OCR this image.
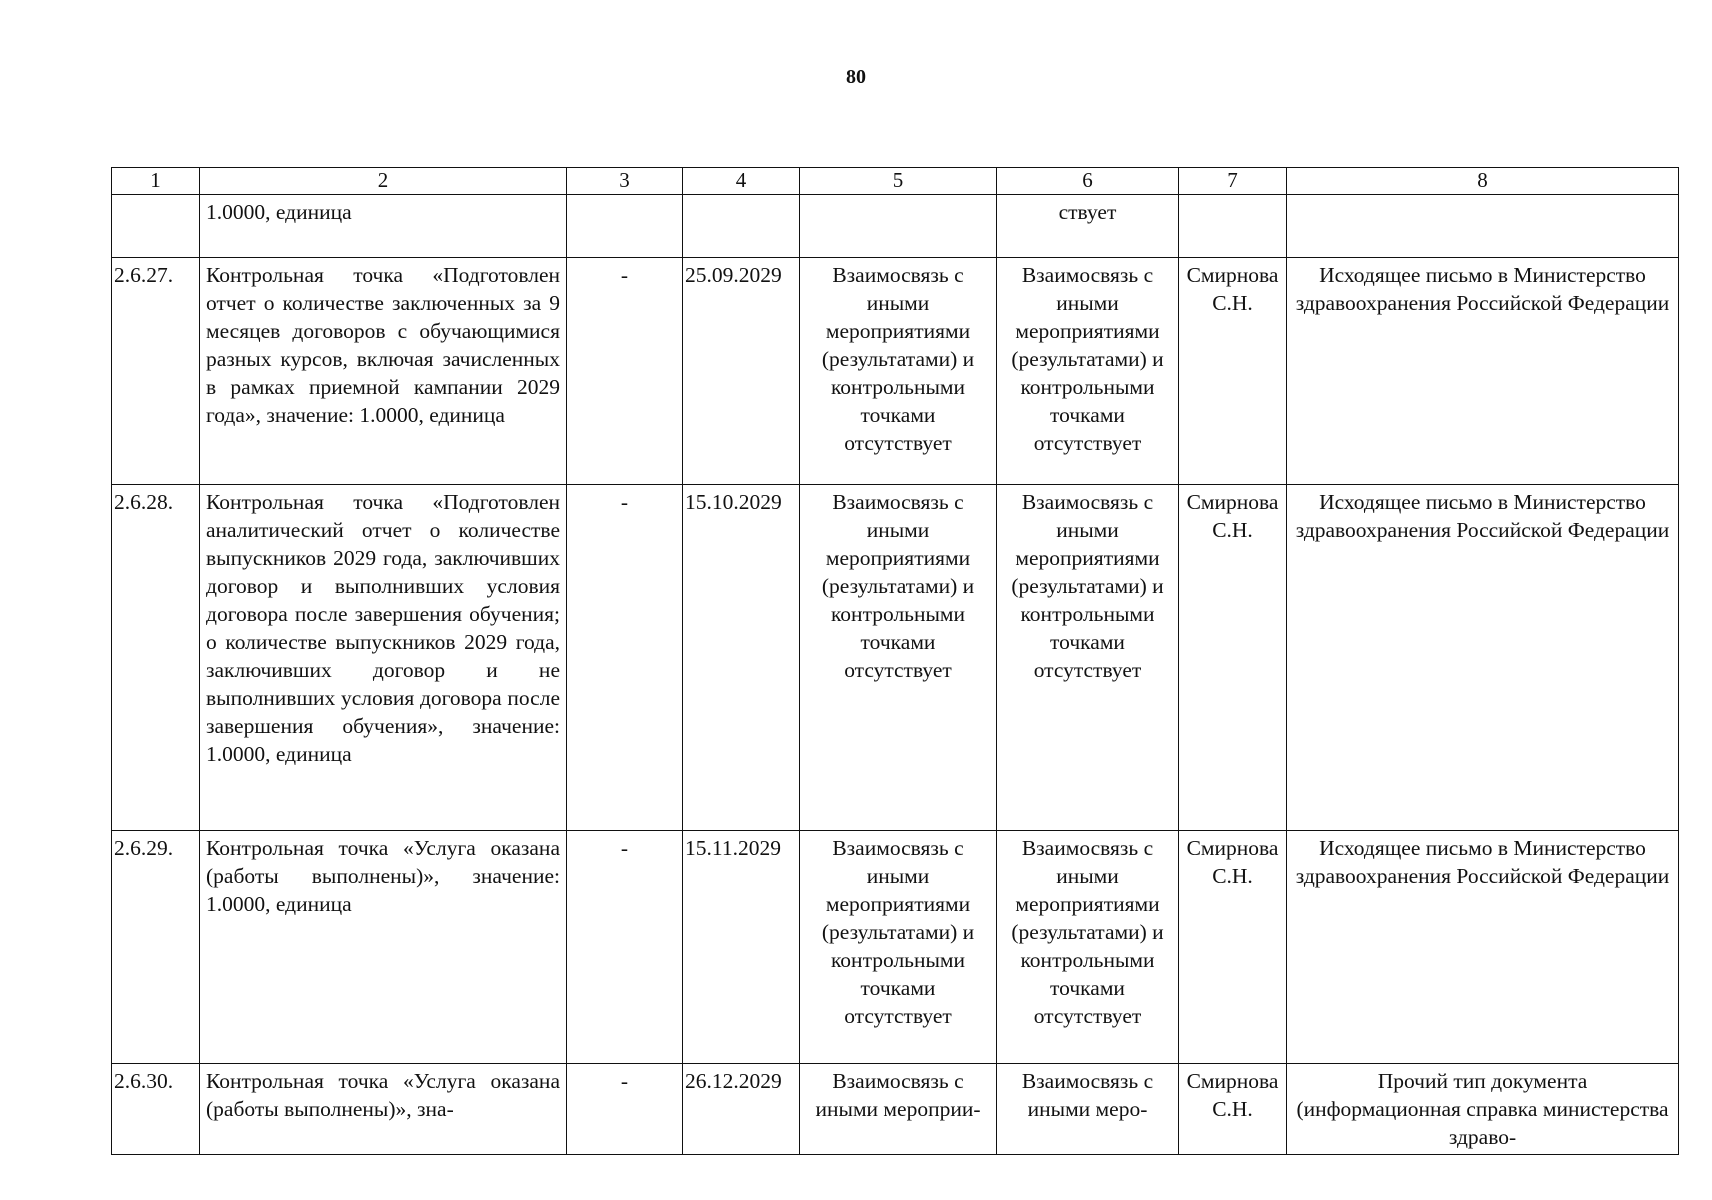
80
1	2	3	4	5	6	7	8
	1.0000, единица				ствует		
2.6.27.	Контрольная точка «Подготовлен отчет о количестве заключенных за 9 месяцев договоров с обучающимися разных курсов, включая зачисленных в рамках приемной кампании 2029 года», значение: 1.0000, единица	-	25.09.2029	Взаимосвязь с иными мероприятиями (результатами) и контрольными точками отсутствует	Взаимосвязь с иными мероприятиями (результатами) и контрольными точками отсутствует	Смирнова С.Н.	Исходящее письмо в Министерство здравоохранения Российской Федерации
2.6.28.	Контрольная точка «Подготовлен аналитический отчет о количестве выпускников 2029 года, заключивших договор и выполнивших условия договора после завершения обучения; о количестве выпускников 2029 года, заключивших договор и не выполнивших условия договора после завершения обучения», значение: 1.0000, единица	-	15.10.2029	Взаимосвязь с иными мероприятиями (результатами) и контрольными точками отсутствует	Взаимосвязь с иными мероприятиями (результатами) и контрольными точками отсутствует	Смирнова С.Н.	Исходящее письмо в Министерство здравоохранения Российской Федерации
2.6.29.	Контрольная точка «Услуга оказана (работы выполнены)», значение: 1.0000, единица	-	15.11.2029	Взаимосвязь с иными мероприятиями (результатами) и контрольными точками отсутствует	Взаимосвязь с иными мероприятиями (результатами) и контрольными точками отсутствует	Смирнова С.Н.	Исходящее письмо в Министерство здравоохранения Российской Федерации
2.6.30.	Контрольная точка «Услуга оказана (работы выполнены)», зна-	-	26.12.2029	Взаимосвязь с иными мероприи-	Взаимосвязь с иными меро-	Смирнова С.Н.	Прочий тип документа (информационная справка министерства здраво-
